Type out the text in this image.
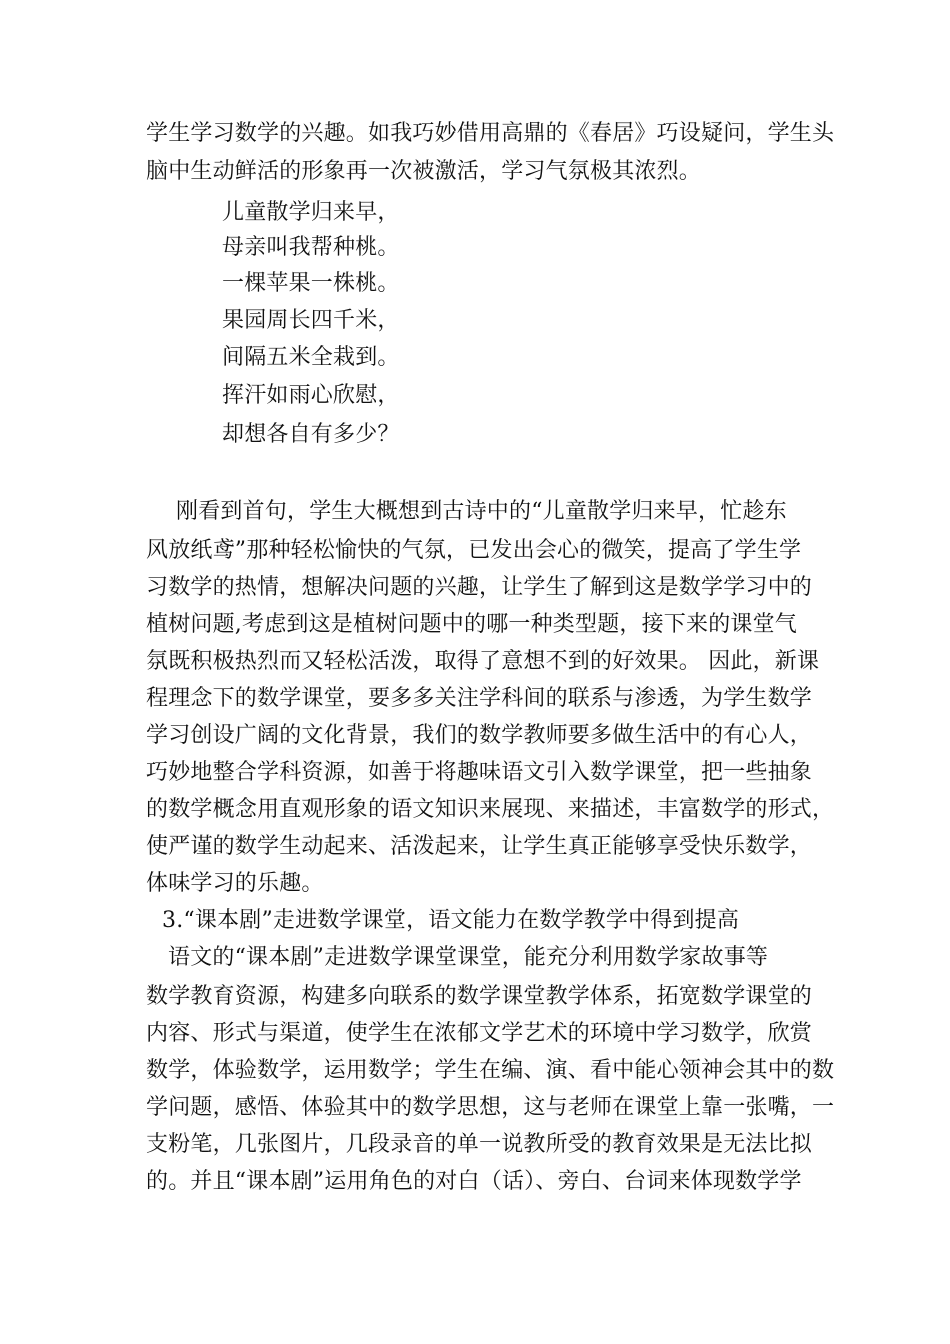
学生学习数学的兴趣。如我巧妙借用高鼎的《春居》巧设疑问，学生头
脑中生动鲜活的形象再一次被激活，学习气氛极其浓烈。
儿童散学归来早，
母亲叫我帮种桃。
一棵苹果一株桃。
果园周长四千米，
间隔五米全栽到。
挥汗如雨心欣慰，
却想各自有多少？
刚看到首句，学生大概想到古诗中的“儿童散学归来早，忙趁东
风放纸鸢”那种轻松愉快的气氛，已发出会心的微笑，提高了学生学
习数学的热情，想解决问题的兴趣，让学生了解到这是数学学习中的
植树问题,考虑到这是植树问题中的哪一种类型题，接下来的课堂气
氛既积极热烈而又轻松活泼，取得了意想不到的好效果。 因此，新课
程理念下的数学课堂，要多多关注学科间的联系与渗透，为学生数学
学习创设广阔的文化背景，我们的数学教师要多做生活中的有心人，
巧妙地整合学科资源，如善于将趣味语文引入数学课堂，把一些抽象
的数学概念用直观形象的语文知识来展现、来描述，丰富数学的形式，
使严谨的数学生动起来、活泼起来，让学生真正能够享受快乐数学，
体味学习的乐趣。
3.“课本剧”走进数学课堂，语文能力在数学教学中得到提高
语文的“课本剧”走进数学课堂课堂，能充分利用数学家故事等
数学教育资源，构建多向联系的数学课堂教学体系，拓宽数学课堂的
内容、形式与渠道，使学生在浓郁文学艺术的环境中学习数学，欣赏
数学，体验数学，运用数学；学生在编、演、看中能心领神会其中的数
学问题，感悟、体验其中的数学思想，这与老师在课堂上靠一张嘴，一
支粉笔，几张图片，几段录音的单一说教所受的教育效果是无法比拟
的。并且“课本剧”运用角色的对白（话）、旁白、台词来体现数学学
